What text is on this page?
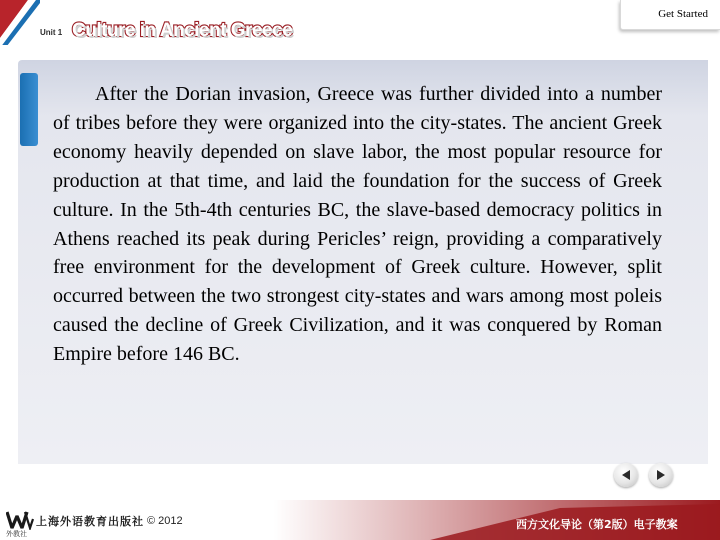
Unit 1 Culture in Ancient Greece
Get Started

After the Dorian invasion, Greece was further divided into a number of tribes before they were organized into the city-states. The ancient Greek economy heavily depended on slave labor, the most popular resource for production at that time, and laid the foundation for the success of Greek culture. In the 5th-4th centuries BC, the slave-based democracy politics in Athens reached its peak during Pericles’ reign, providing a comparatively free environment for the development of Greek culture. However, split occurred between the two strongest city-states and wars among most poleis caused the decline of Greek Civilization, and it was conquered by Roman Empire before 146 BC.

上海外语教育出版社
外教社
© 2012	西方文化导论（第2版）电子教案
